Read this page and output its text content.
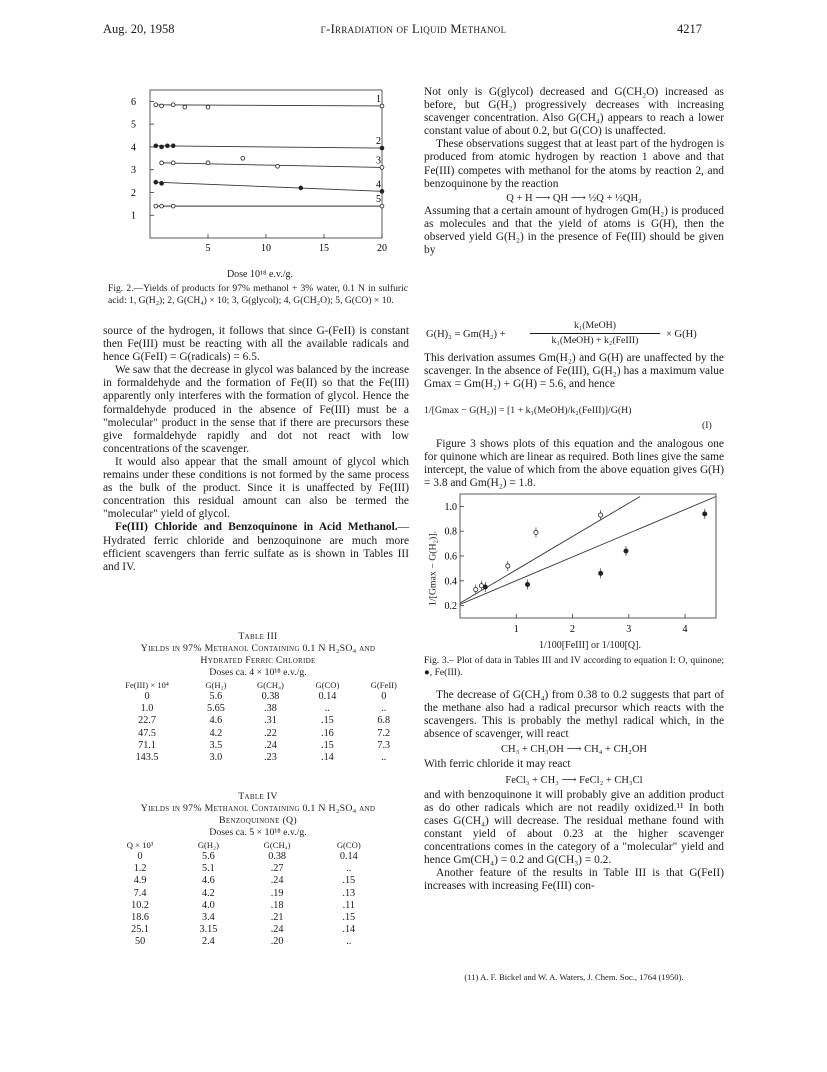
Aug. 20, 1958	γ-Irradiation of Liquid Methanol	4217
1
2
3
4
5
6
5	10	15	20
1
2
3
4
5
Dose 10¹⁸ e.v./g.
Fig. 2.—Yields of products for 97% methanol + 3% water, 0.1 N in sulfuric acid: 1, G(H₂); 2, G(CH₄) × 10; 3, G(glycol); 4, G(CH₂O); 5, G(CO) × 10.

source of the hydrogen, it follows that since G-(FeII) is constant then Fe(III) must be reacting with all the available radicals and hence G(FeII) = G(radicals) = 6.5.

We saw that the decrease in glycol was balanced by the increase in formaldehyde and the formation of Fe(II) so that the Fe(III) apparently only interferes with the formation of glycol. Hence the formaldehyde produced in the absence of Fe(III) must be a "molecular" product in the sense that if there are precursors these give formaldehyde rapidly and dot not react with low concentrations of the scavenger.

It would also appear that the small amount of glycol which remains under these conditions is not formed by the same process as the bulk of the product. Since it is unaffected by Fe(III) concentration this residual amount can also be termed the "molecular" yield of glycol.

Fe(III) Chloride and Benzoquinone in Acid Methanol.—Hydrated ferric chloride and benzoquinone are much more efficient scavengers than ferric sulfate as is shown in Tables III and IV.

Table III
Yields in 97% Methanol Containing 0.1 N H₂SO₄ and
Hydrated Ferric Chloride
Doses ca. 4 × 10¹⁸ e.v./g.
Fe(III) × 10⁴	G(H₂)	G(CH₄)	G(CO)	G(FeII)
0	5.6	0.38	0.14	0
1.0	5.65	.38	..	..
22.7	4.6	.31	.15	6.8
47.5	4.2	.22	.16	7.2
71.1	3.5	.24	.15	7.3
143.5	3.0	.23	.14	..
Table IV
Yields in 97% Methanol Containing 0.1 N H₂SO₄ and
Benzoquinone (Q)
Doses ca. 5 × 10¹⁸ e.v./g.
Q × 10³	G(H₂)	G(CH₄)	G(CO)
0	5.6	0.38	0.14
1.2	5.1	.27	..
4.9	4.6	.24	.15
7.4	4.2	.19	.13
10.2	4.0	.18	.11
18.6	3.4	.21	.15
25.1	3.15	.24	.14
50	2.4	.20	..

Not only is G(glycol) decreased and G(CH₂O) increased as before, but G(H₂) progressively decreases with increasing scavenger concentration. Also G(CH₄) appears to reach a lower constant value of about 0.2, but G(CO) is unaffected.

These observations suggest that at least part of the hydrogen is produced from atomic hydrogen by reaction 1 above and that Fe(III) competes with methanol for the atoms by reaction 2, and benzoquinone by the reaction

Q + H ⟶ QH ⟶ ½Q + ½QH₂

Assuming that a certain amount of hydrogen Gm(H₂) is produced as molecules and that the yield of atoms is G(H), then the observed yield G(H₂) in the presence of Fe(III) should be given by

G(H)₂ = Gm(H₂) +
k₁(MeOH)
k₁(MeOH) + k₂(FeIII)
× G(H)

This derivation assumes Gm(H₂) and G(H) are unaffected by the scavenger. In the absence of Fe(III), G(H₂) has a maximum value Gmax = Gm(H₂) + G(H) = 5.6, and hence

1/[Gmax − G(H₂)] = [1 + k₁(MeOH)/k₂(FeIII)]/G(H)
(I)

Figure 3 shows plots of this equation and the analogous one for quinone which are linear as required. Both lines give the same intercept, the value of which from the above equation gives G(H) = 3.8 and Gm(H₂) = 1.8.

0.2
0.4
0.6
0.8
1.0
1	2	3	4
1/[Gmax − G(H₂)].
1/100[FeIII] or 1/100[Q].
Fig. 3.– Plot of data in Tables III and IV according to equation I: O, quinone; ●, Fe(III).

The decrease of G(CH₄) from 0.38 to 0.2 suggests that part of the methane also had a radical precursor which reacts with the scavengers. This is probably the methyl radical which, in the absence of scavenger, will react

CH₃ + CH₃OH ⟶ CH₄ + CH₂OH

With ferric chloride it may react

FeCl₃ + CH₃ ⟶ FeCl₂ + CH₃Cl

and with benzoquinone it will probably give an addition product as do other radicals which are not readily oxidized.¹¹ In both cases G(CH₄) will decrease. The residual methane found with constant yield of about 0.23 at the higher scavenger concentrations comes in the category of a "molecular" yield and hence Gm(CH₄) = 0.2 and G(CH₃) = 0.2.

Another feature of the results in Table III is that G(FeII) increases with increasing Fe(III) con-

(11) A. F. Bickel and W. A. Waters, J. Chem. Soc., 1764 (1950).
